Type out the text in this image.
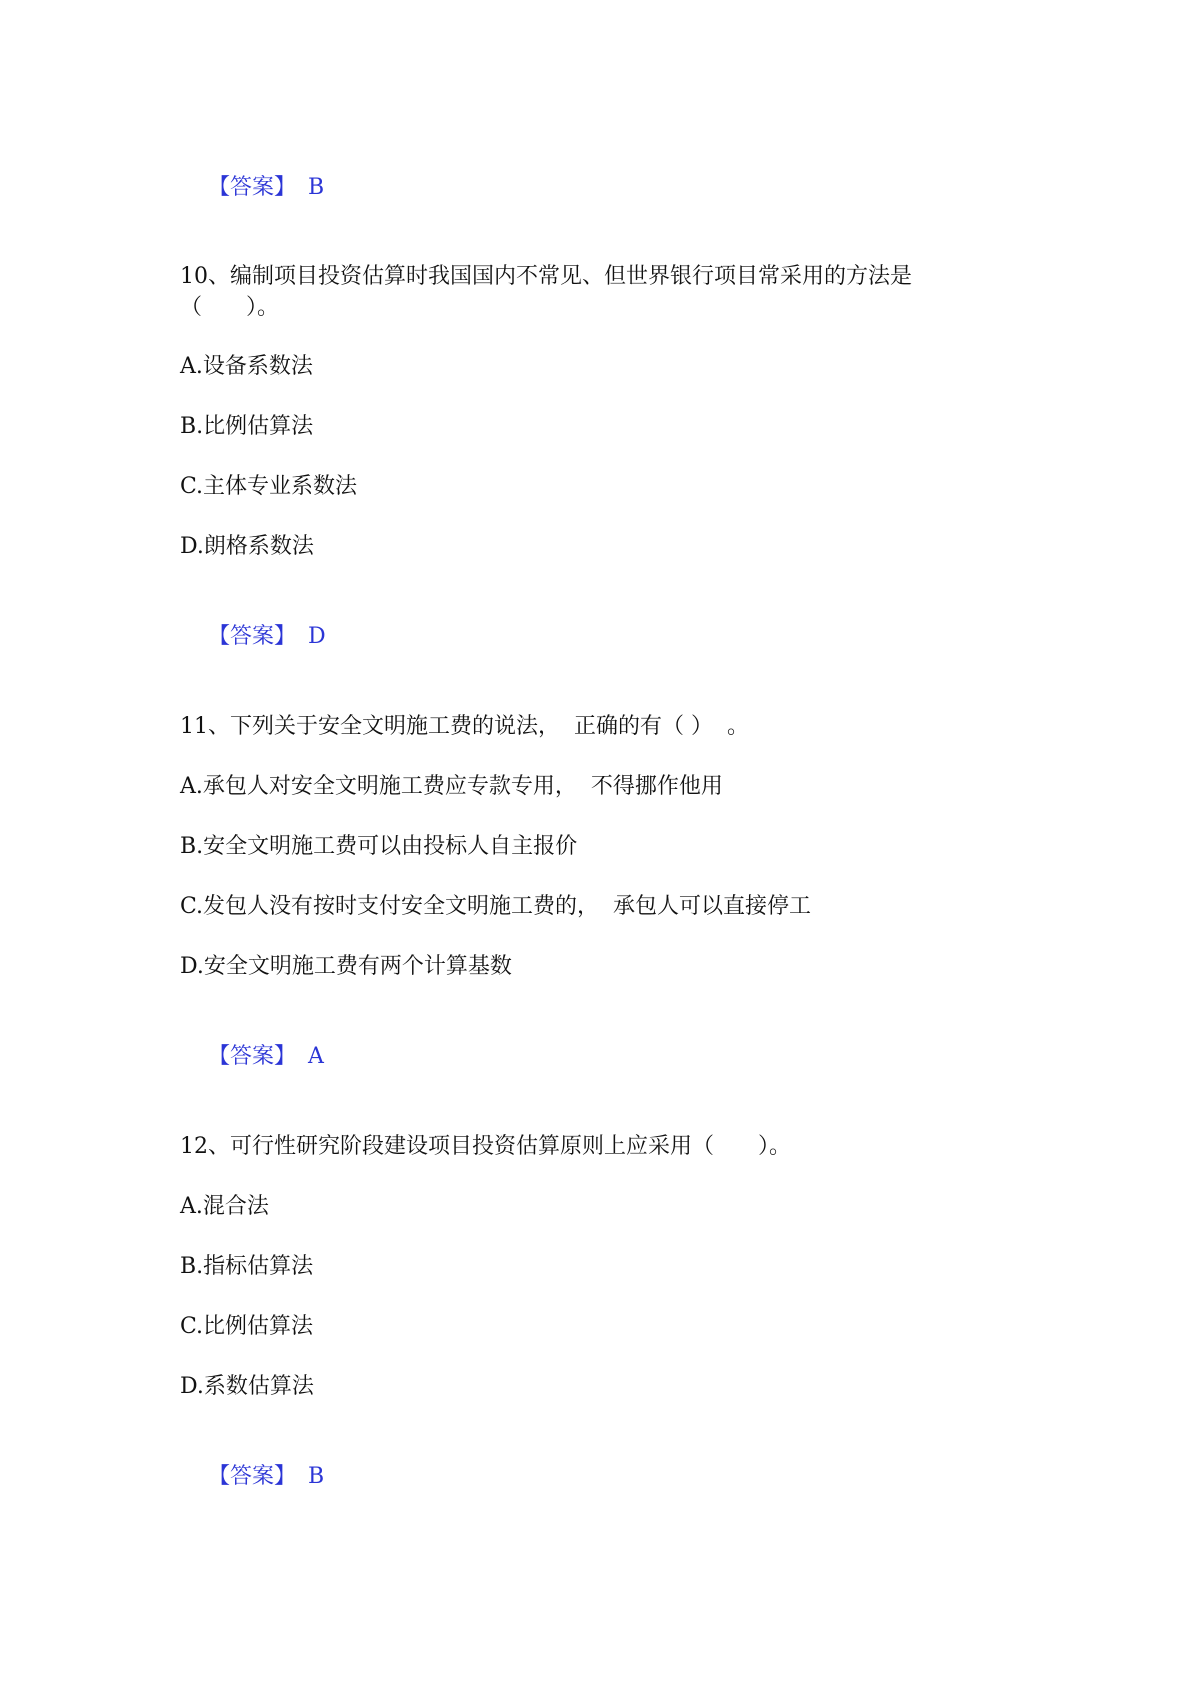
【答案】 B

10、编制项目投资估算时我国国内不常见、但世界银行项目常采用的方法是
（　　）。
A.设备系数法
B.比例估算法
C.主体专业系数法
D.朗格系数法

【答案】 D

11、下列关于安全文明施工费的说法，  正确的有（ ）  。
A.承包人对安全文明施工费应专款专用，  不得挪作他用
B.安全文明施工费可以由投标人自主报价
C.发包人没有按时支付安全文明施工费的，  承包人可以直接停工
D.安全文明施工费有两个计算基数

【答案】 A

12、可行性研究阶段建设项目投资估算原则上应采用（　　）。
A.混合法
B.指标估算法
C.比例估算法
D.系数估算法

【答案】 B
